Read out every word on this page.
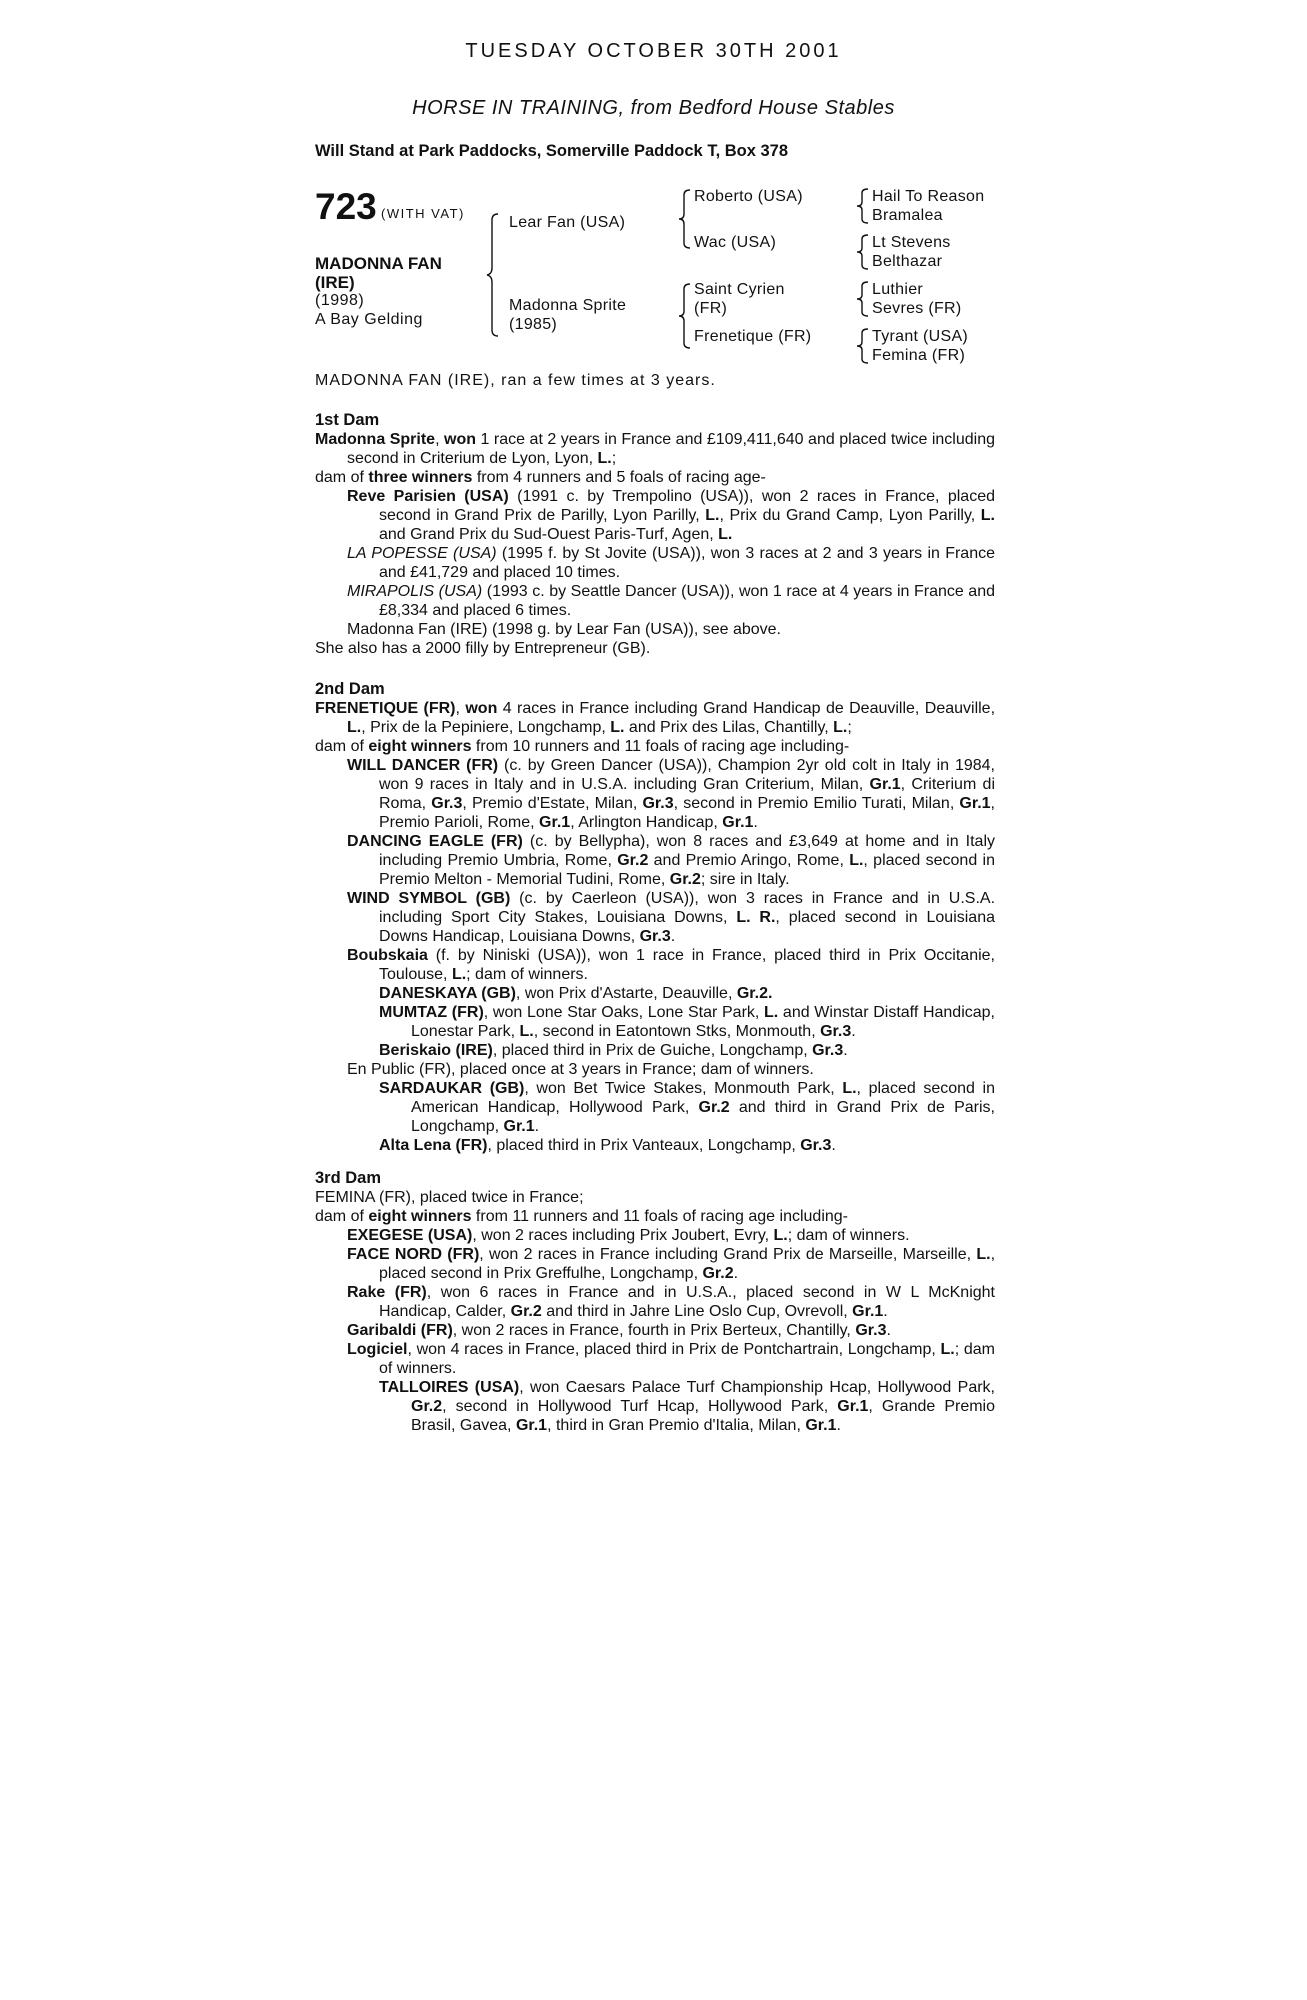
TUESDAY OCTOBER 30TH 2001
HORSE IN TRAINING, from Bedford House Stables
Will Stand at Park Paddocks, Somerville Paddock T, Box 378
723 (WITH VAT)
MADONNA FAN
(IRE)
(1998)
A Bay Gelding
Lear Fan (USA)
Madonna Sprite
(1985)
Roberto (USA)
Wac (USA)
Saint Cyrien
(FR)
Frenetique (FR)
Hail To Reason
Bramalea
Lt Stevens
Belthazar
Luthier
Sevres (FR)
Tyrant (USA)
Femina (FR)
MADONNA FAN (IRE), ran a few times at 3 years.
1st Dam
Madonna Sprite, won 1 race at 2 years in France and £109,411,640 and placed twice including second in Criterium de Lyon, Lyon, L.;
dam of three winners from 4 runners and 5 foals of racing age-
Reve Parisien (USA) (1991 c. by Trempolino (USA)), won 2 races in France, placed second in Grand Prix de Parilly, Lyon Parilly, L., Prix du Grand Camp, Lyon Parilly, L. and Grand Prix du Sud-Ouest Paris-Turf, Agen, L.
LA POPESSE (USA) (1995 f. by St Jovite (USA)), won 3 races at 2 and 3 years in France and £41,729 and placed 10 times.
MIRAPOLIS (USA) (1993 c. by Seattle Dancer (USA)), won 1 race at 4 years in France and £8,334 and placed 6 times.
Madonna Fan (IRE) (1998 g. by Lear Fan (USA)), see above.
She also has a 2000 filly by Entrepreneur (GB).
2nd Dam
FRENETIQUE (FR), won 4 races in France including Grand Handicap de Deauville, Deauville, L., Prix de la Pepiniere, Longchamp, L. and Prix des Lilas, Chantilly, L.;
dam of eight winners from 10 runners and 11 foals of racing age including-
WILL DANCER (FR) (c. by Green Dancer (USA)), Champion 2yr old colt in Italy in 1984, won 9 races in Italy and in U.S.A. including Gran Criterium, Milan, Gr.1, Criterium di Roma, Gr.3, Premio d'Estate, Milan, Gr.3, second in Premio Emilio Turati, Milan, Gr.1, Premio Parioli, Rome, Gr.1, Arlington Handicap, Gr.1.
DANCING EAGLE (FR) (c. by Bellypha), won 8 races and £3,649 at home and in Italy including Premio Umbria, Rome, Gr.2 and Premio Aringo, Rome, L., placed second in Premio Melton - Memorial Tudini, Rome, Gr.2; sire in Italy.
WIND SYMBOL (GB) (c. by Caerleon (USA)), won 3 races in France and in U.S.A. including Sport City Stakes, Louisiana Downs, L. R., placed second in Louisiana Downs Handicap, Louisiana Downs, Gr.3.
Boubskaia (f. by Niniski (USA)), won 1 race in France, placed third in Prix Occitanie, Toulouse, L.; dam of winners.
DANESKAYA (GB), won Prix d'Astarte, Deauville, Gr.2.
MUMTAZ (FR), won Lone Star Oaks, Lone Star Park, L. and Winstar Distaff Handicap, Lonestar Park, L., second in Eatontown Stks, Monmouth, Gr.3.
Beriskaio (IRE), placed third in Prix de Guiche, Longchamp, Gr.3.
En Public (FR), placed once at 3 years in France; dam of winners.
SARDAUKAR (GB), won Bet Twice Stakes, Monmouth Park, L., placed second in American Handicap, Hollywood Park, Gr.2 and third in Grand Prix de Paris, Longchamp, Gr.1.
Alta Lena (FR), placed third in Prix Vanteaux, Longchamp, Gr.3.
3rd Dam
FEMINA (FR), placed twice in France;
dam of eight winners from 11 runners and 11 foals of racing age including-
EXEGESE (USA), won 2 races including Prix Joubert, Evry, L.; dam of winners.
FACE NORD (FR), won 2 races in France including Grand Prix de Marseille, Marseille, L., placed second in Prix Greffulhe, Longchamp, Gr.2.
Rake (FR), won 6 races in France and in U.S.A., placed second in W L McKnight Handicap, Calder, Gr.2 and third in Jahre Line Oslo Cup, Ovrevoll, Gr.1.
Garibaldi (FR), won 2 races in France, fourth in Prix Berteux, Chantilly, Gr.3.
Logiciel, won 4 races in France, placed third in Prix de Pontchartrain, Longchamp, L.; dam of winners.
TALLOIRES (USA), won Caesars Palace Turf Championship Hcap, Hollywood Park, Gr.2, second in Hollywood Turf Hcap, Hollywood Park, Gr.1, Grande Premio Brasil, Gavea, Gr.1, third in Gran Premio d'Italia, Milan, Gr.1.
